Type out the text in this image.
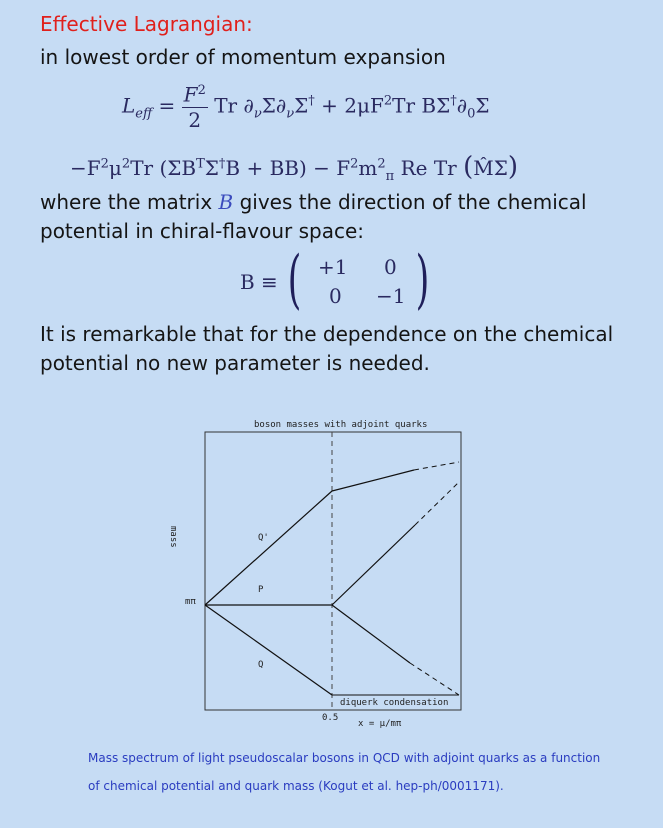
Effective Lagrangian:
in lowest order of momentum expansion
$L_{eff} = \frac{F^2}{2}$ Tr $\partial_\nu\Sigma\partial_\nu\Sigma^\dagger + 2\mu F^2Tr$ $B\Sigma^\dagger\partial_0\Sigma$
$-F^2\mu^2Tr$ $(\Sigma B^T\Sigma^\dagger B + BB) - F^2m^2_\pi$ Re Tr (M̂Σ)
where the matrix B gives the direction of the chemical
potential in chiral-flavour space:
B ≡ ( +1 0
0 −1 )
It is remarkable that for the dependence on the chemical
potential no new parameter is needed.
boson masses with adjoint quarks
mass
mπ
Q'
P
Q
diquerk condensation
0.5
x = μ/mπ
Mass spectrum of light pseudoscalar bosons in QCD with adjoint quarks as a function
of chemical potential and quark mass (Kogut et al. hep-ph/0001171).
